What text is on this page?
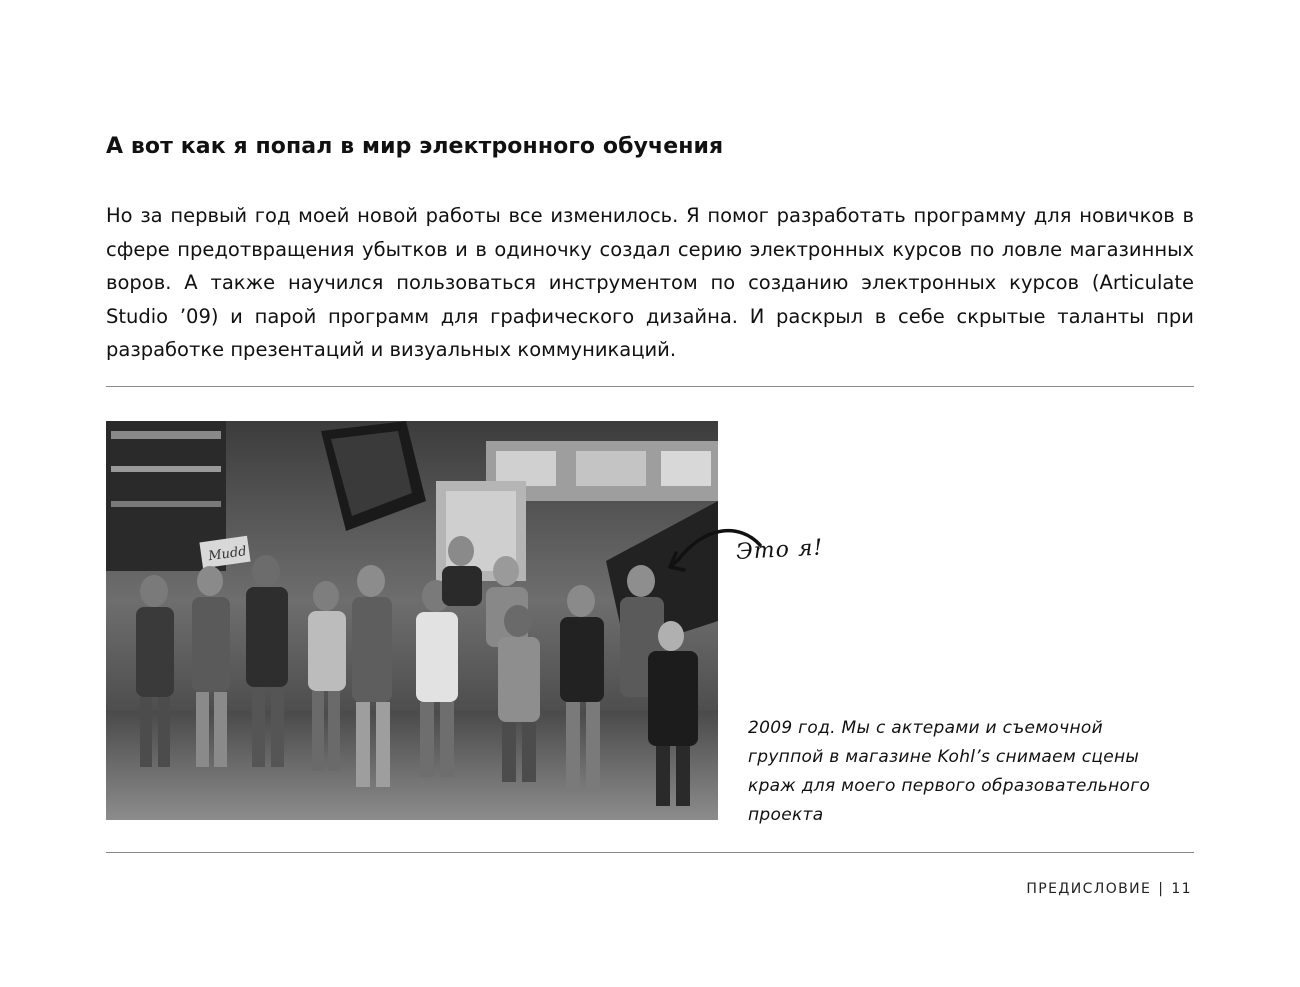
А вот как я попал в мир электронного обучения

Но за первый год моей новой работы все изменилось. Я помог разработать программу для новичков в сфере предотвращения убытков и в одиночку создал серию электронных курсов по ловле магазинных воров. А также научился пользоваться инструментом по созданию электронных курсов (Articulate Studio ’09) и парой программ для графического дизайна. И раскрыл в себе скрытые таланты при разработке презентаций и визуальных коммуникаций.

Mudd	Это я!

2009 год. Мы с актерами и съемочной группой в магазине Kohl’s снимаем сцены краж для моего первого образовательного проекта

ПРЕДИСЛОВИЕ | 11
